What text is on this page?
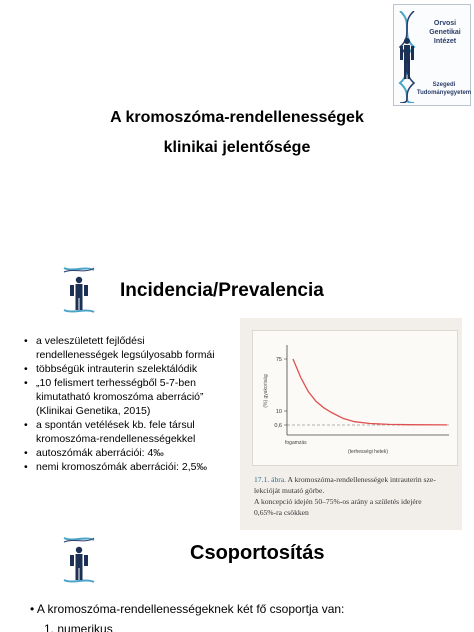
Orvosi Genetikai
Intézet
Szegedi
Tudományegyetem
A kromoszóma-rendellenességek
klinikai jelentősége
Incidencia/Prevalencia
• a veleszületett fejlődési
rendellenességek legsúlyosabb formái
• többségük intrauterin szelektálódik
• „10 felismert terhességből 5-7-ben
kimutatható kromoszóma aberráció”
(Klinikai Genetika, 2015)
• a spontán vetélések kb. fele társul
kromoszóma-rendellenességekkel
• autoszómák aberrációi: 4‰
• nemi kromoszómák aberrációi: 2,5‰
(%) gyakoriság
75
10
0,6
fogamzás
(terhességi hetek)
17.1. ábra. A kromoszóma-rendellenességek intrauterin sze-
lekcióját mutató görbe.
A koncepció idején 50–75%-os arány a születés idejére
0,65%-ra csökken
Csoportosítás
• A kromoszóma-rendellenességeknek két fő csoportja van:
1. numerikus
